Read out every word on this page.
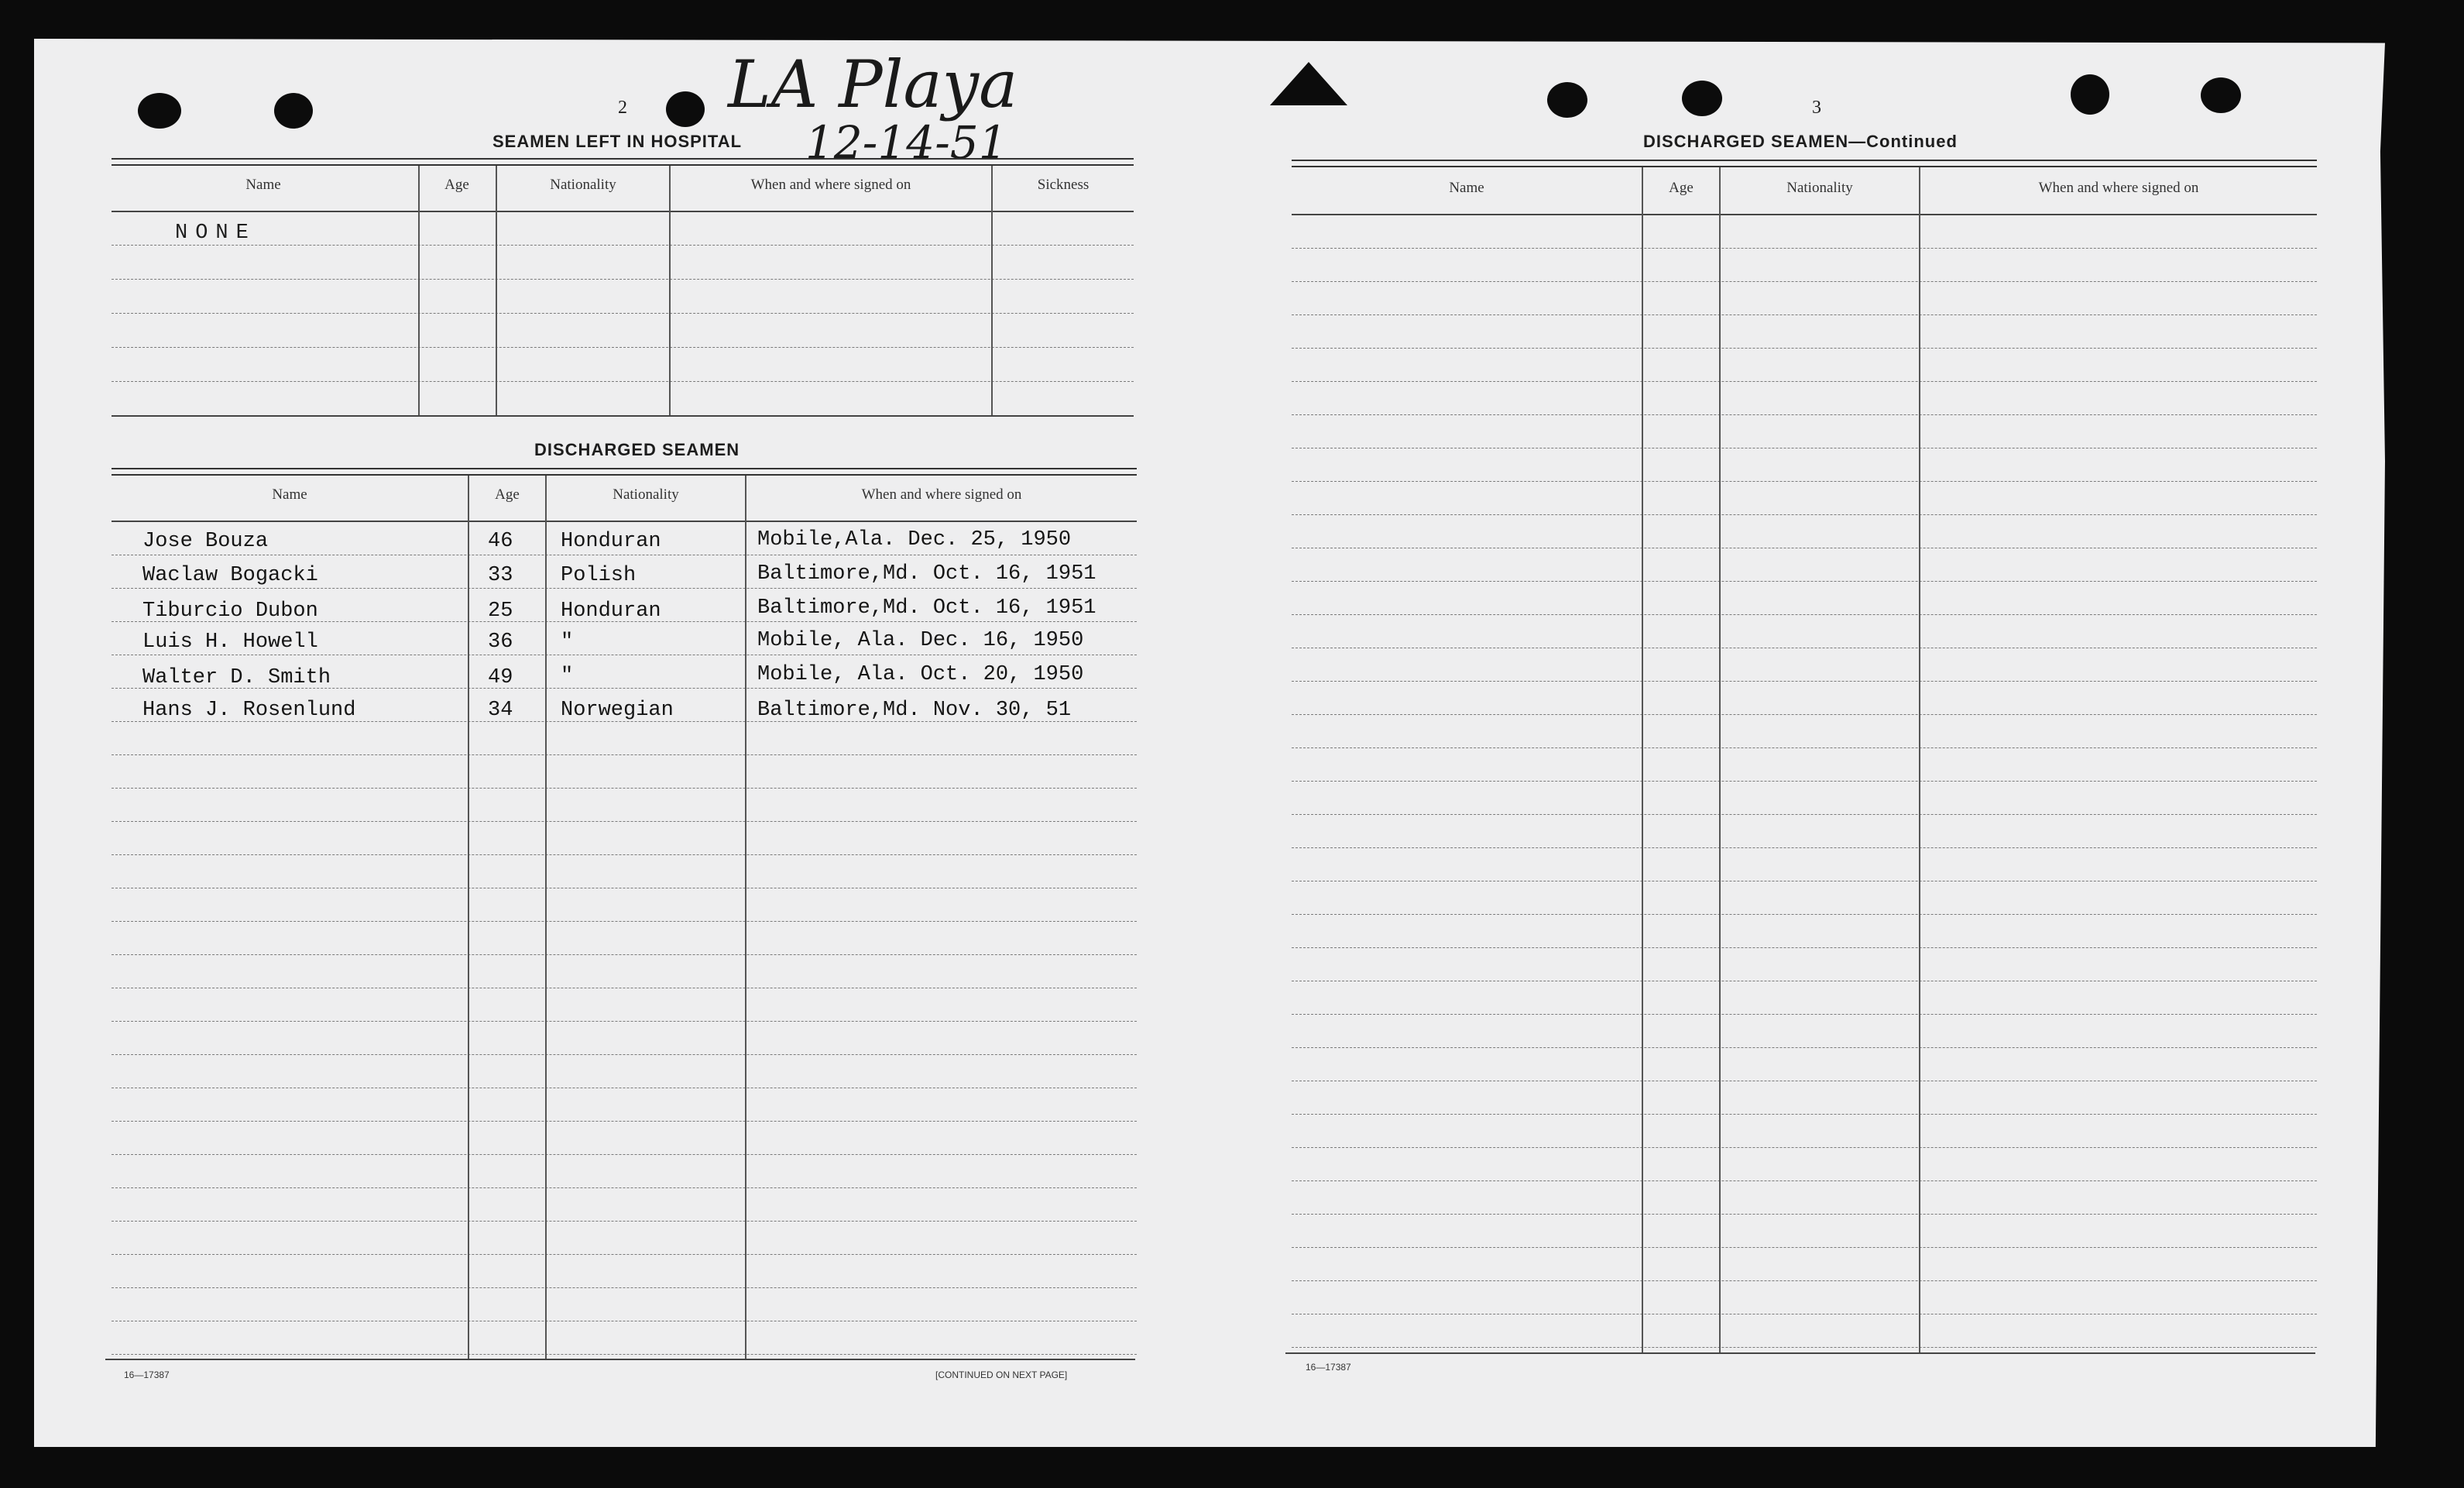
2 LA Playa
12-14-51
SEAMEN LEFT IN HOSPITAL
Name	Age	Nationality	When and where signed on	Sickness
NONE
DISCHARGED SEAMEN
Name	Age	Nationality	When and where signed on
Jose Bouza	46 Honduran	Mobile,Ala. Dec. 25, 1950
Waclaw Bogacki	33 Polish	Baltimore,Md. Oct. 16, 1951
Tiburcio Dubon	25 Honduran	Baltimore,Md. Oct. 16, 1951
Luis H. Howell	36 "	Mobile, Ala. Dec. 16, 1950
Walter D. Smith	49 "	Mobile, Ala. Oct. 20, 1950
Hans J. Rosenlund	34 Norwegian	Baltimore,Md. Nov. 30, 51
16—17387	[CONTINUED ON NEXT PAGE]
3
DISCHARGED SEAMEN—Continued
Name	Age	Nationality	When and where signed on
16—17387
